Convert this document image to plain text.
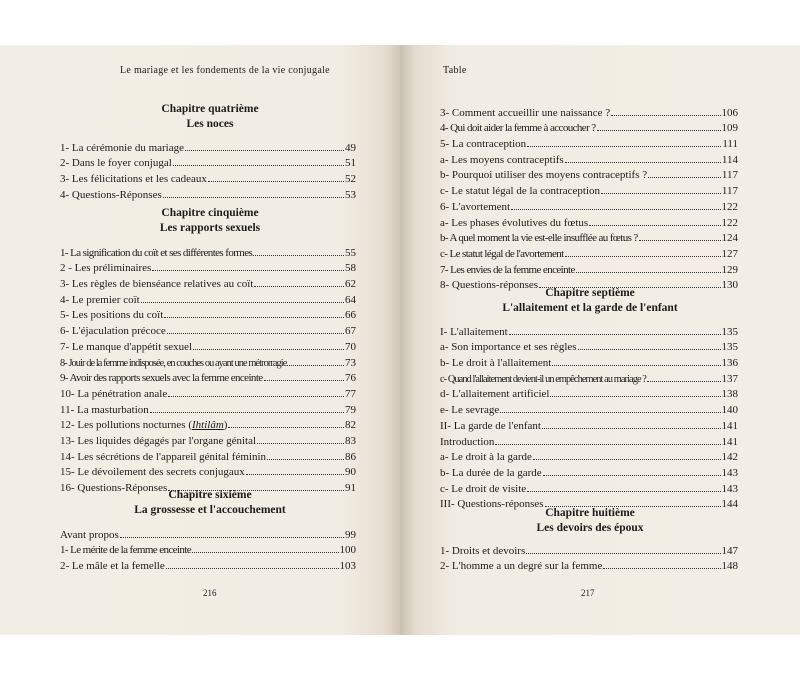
Le mariage et les fondements de la vie conjugale
Chapitre quatrième
Les noces
1- La cérémonie du mariage	49
2- Dans le foyer conjugal	51
3- Les félicitations et les cadeaux	52
4- Questions-Réponses	53
Chapitre cinquième
Les rapports sexuels
1- La signification du coït et ses différentes formes	55
2 - Les préliminaires	58
3- Les règles de bienséance relatives au coït	62
4- Le premier coït	64
5- Les positions du coït	66
6- L'éjaculation précoce	67
7- Le manque d'appétit sexuel	70
8- Jouir de la femme indisposée, en couches ou ayant une métrorragie	73
9- Avoir des rapports sexuels avec la femme enceinte	76
10- La pénétration anale	77
11- La masturbation	79
12- Les pollutions nocturnes (Ihtilâm)	82
13- Les liquides dégagés par l'organe génital	83
14- Les sécrétions de l'appareil génital féminin	86
15- Le dévoilement des secrets conjugaux	90
16- Questions-Réponses	91
Chapitre sixième
La grossesse et l'accouchement
Avant propos	99
1- Le mérite de la femme enceinte	100
2- Le mâle et la femelle	103
216
Table
3- Comment accueillir une naissance ?	106
4- Qui doit aider la femme à accoucher ?	109
5- La contraception	111
a- Les moyens contraceptifs	114
b- Pourquoi utiliser des moyens contraceptifs ?	117
c- Le statut légal de la contraception	117
6- L'avortement	122
a- Les phases évolutives du fœtus	122
b- A quel moment la vie est-elle insufflée au fœtus ?	124
c- Le statut légal de l'avortement	127
7- Les envies de la femme enceinte	129
8- Questions-réponses	130
Chapitre septième
L'allaitement et la garde de l'enfant
I- L'allaitement	135
a- Son importance et ses règles	135
b- Le droit à l'allaitement	136
c- Quand l'allaitement devient-il un empêchement au mariage ?	137
d- L'allaitement artificiel	138
e- Le sevrage	140
II- La garde de l'enfant	141
Introduction	141
a- Le droit à la garde	142
b- La durée de la garde	143
c- Le droit de visite	143
III- Questions-réponses	144
Chapitre huitième
Les devoirs des époux
1- Droits et devoirs	147
2- L'homme a un degré sur la femme	148
217
